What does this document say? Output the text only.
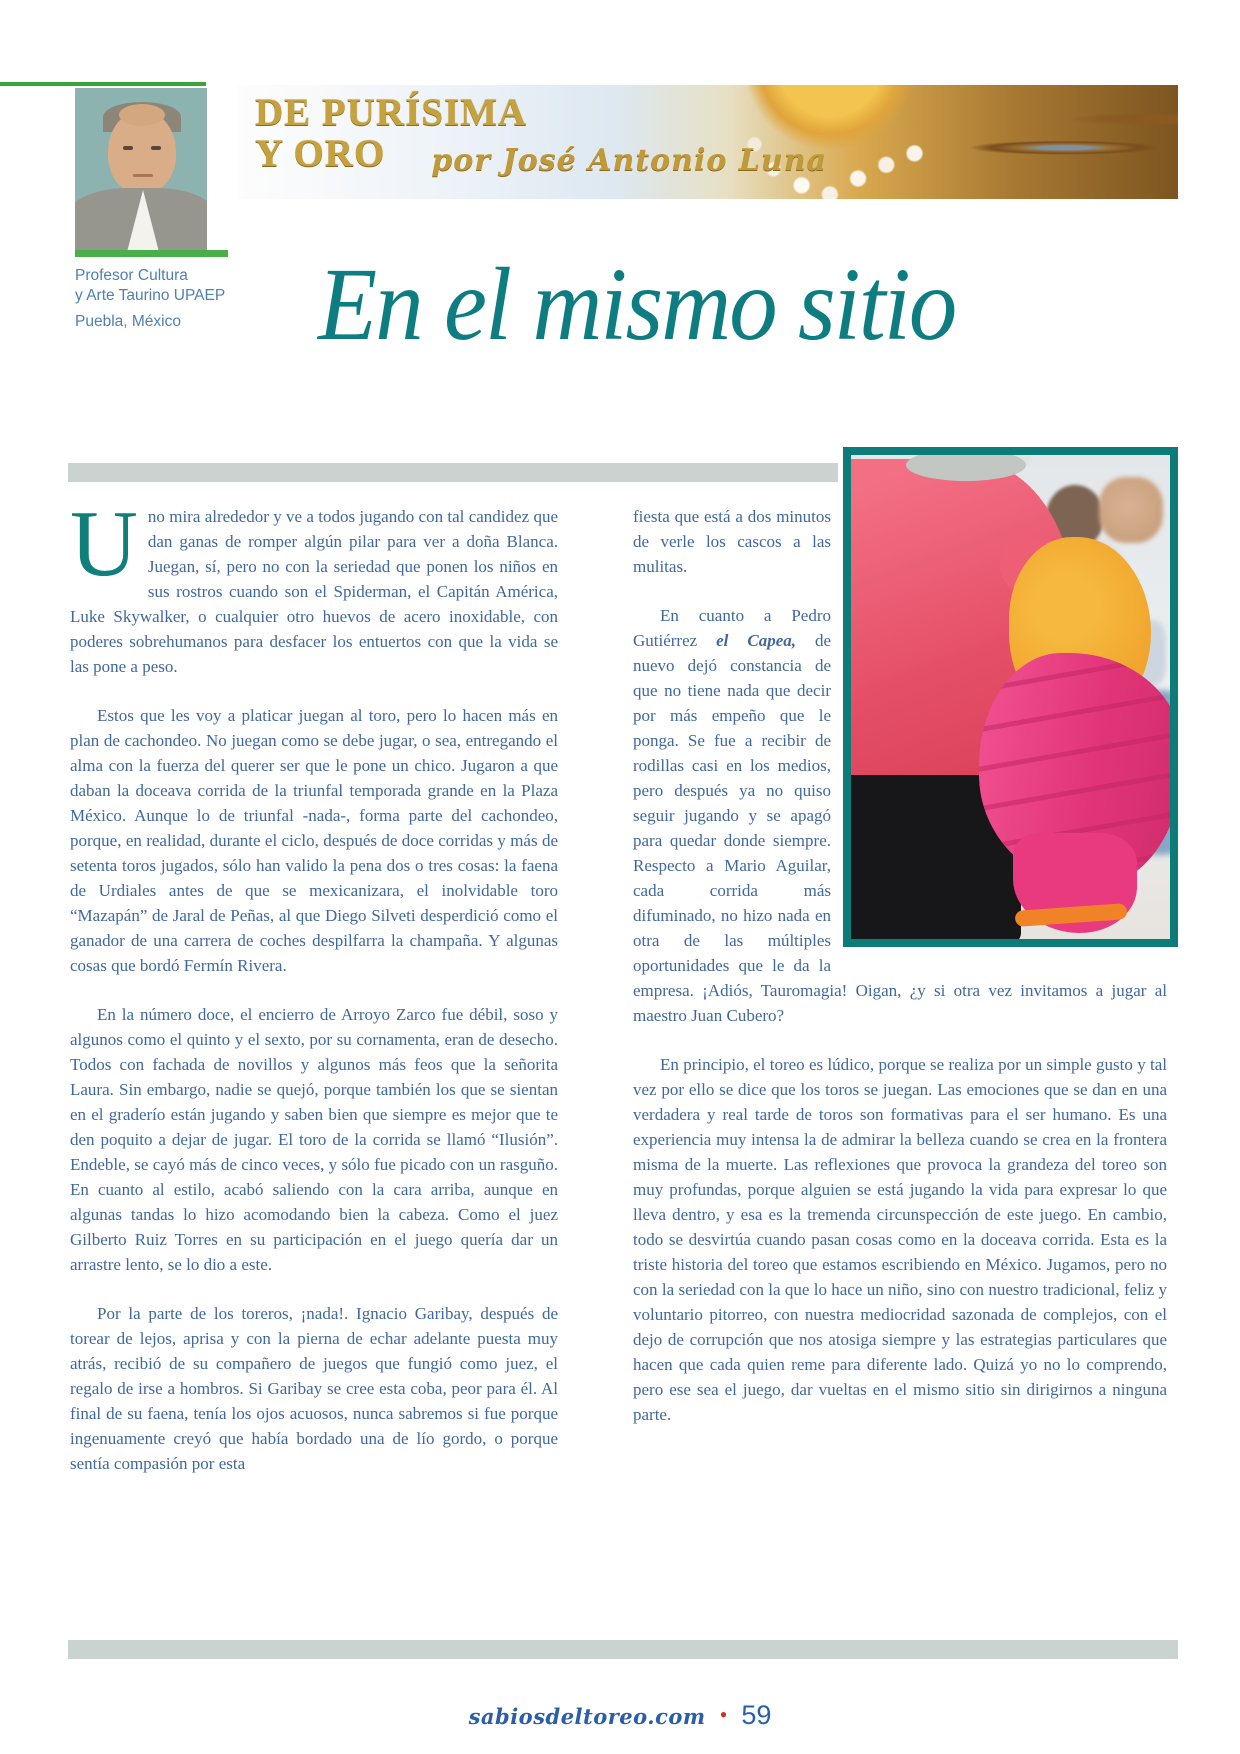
Profesor Cultura
y Arte Taurino UPAEP
Puebla, México
DE PURÍSIMA
Y ORO por José Antonio Luna
En el mismo sitio

Uno mira alrededor y ve a todos jugando con tal candidez que dan ganas de romper algún pilar para ver a doña Blanca. Juegan, sí, pero no con la seriedad que ponen los niños en sus rostros cuando son el Spiderman, el Capitán América, Luke Skywalker, o cualquier otro huevos de acero inoxidable, con poderes sobrehumanos para desfacer los entuertos con que la vida se las pone a peso.

Estos que les voy a platicar juegan al toro, pero lo hacen más en plan de cachondeo. No juegan como se debe jugar, o sea, entregando el alma con la fuerza del querer ser que le pone un chico. Jugaron a que daban la doceava corrida de la triunfal temporada grande en la Plaza México. Aunque lo de triunfal -nada-, forma parte del cachondeo, porque, en realidad, durante el ciclo, después de doce corridas y más de setenta toros jugados, sólo han valido la pena dos o tres cosas: la faena de Urdiales antes de que se mexicanizara, el inolvidable toro “Mazapán” de Jaral de Peñas, al que Diego Silveti desperdició como el ganador de una carrera de coches despilfarra la champaña. Y algunas cosas que bordó Fermín Rivera.

En la número doce, el encierro de Arroyo Zarco fue débil, soso y algunos como el quinto y el sexto, por su cornamenta, eran de desecho. Todos con fachada de novillos y algunos más feos que la señorita Laura. Sin embargo, nadie se quejó, porque también los que se sientan en el graderío están jugando y saben bien que siempre es mejor que te den poquito a dejar de jugar. El toro de la corrida se llamó “Ilusión”. Endeble, se cayó más de cinco veces, y sólo fue picado con un rasguño. En cuanto al estilo, acabó saliendo con la cara arriba, aunque en algunas tandas lo hizo acomodando bien la cabeza. Como el juez Gilberto Ruiz Torres en su participación en el juego quería dar un arrastre lento, se lo dio a este.

Por la parte de los toreros, ¡nada!. Ignacio Garibay, después de torear de lejos, aprisa y con la pierna de echar adelante puesta muy atrás, recibió de su compañero de juegos que fungió como juez, el regalo de irse a hombros. Si Garibay se cree esta coba, peor para él. Al final de su faena, tenía los ojos acuosos, nunca sabremos si fue porque ingenuamente creyó que había bordado una de lío gordo, o porque sentía compasión por esta

fiesta que está a dos minutos de verle los cascos a las mulitas.

En cuanto a Pedro Gutiérrez el Capea, de nuevo dejó constancia de que no tiene nada que decir por más empeño que le ponga. Se fue a recibir de rodillas casi en los medios, pero después ya no quiso seguir jugando y se apagó para quedar donde siempre. Respecto a Mario Aguilar, cada corrida más difuminado, no hizo nada en otra de las múltiples oportunidades que le da la empresa. ¡Adiós, Tauromagia! Oigan, ¿y si otra vez invitamos a jugar al maestro Juan Cubero?

En principio, el toreo es lúdico, porque se realiza por un simple gusto y tal vez por ello se dice que los toros se juegan. Las emociones que se dan en una verdadera y real tarde de toros son formativas para el ser humano. Es una experiencia muy intensa la de admirar la belleza cuando se crea en la frontera misma de la muerte. Las reflexiones que provoca la grandeza del toreo son muy profundas, porque alguien se está jugando la vida para expresar lo que lleva dentro, y esa es la tremenda circunspección de este juego. En cambio, todo se desvirtúa cuando pasan cosas como en la doceava corrida. Esta es la triste historia del toreo que estamos escribiendo en México. Jugamos, pero no con la seriedad con la que lo hace un niño, sino con nuestro tradicional, feliz y voluntario pitorreo, con nuestra mediocridad sazonada de complejos, con el dejo de corrupción que nos atosiga siempre y las estrategias particulares que hacen que cada quien reme para diferente lado. Quizá yo no lo comprendo, pero ese sea el juego, dar vueltas en el mismo sitio sin dirigirnos a ninguna parte.

sabiosdeltoreo.com • 59
